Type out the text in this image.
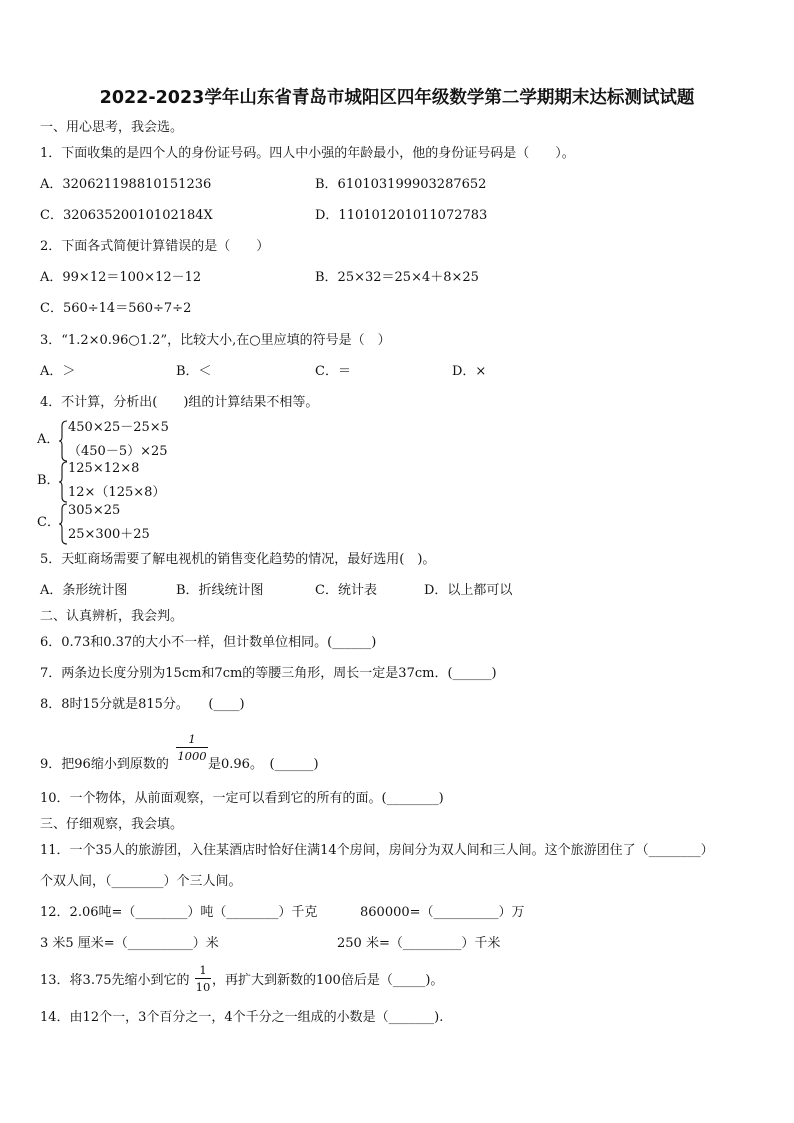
2022-2023学年山东省青岛市城阳区四年级数学第二学期期末达标测试试题
一、用心思考，我会选。
1．下面收集的是四个人的身份证号码。四人中小强的年龄最小，他的身份证号码是（　　）。
A．320621198810151236	B．610103199903287652
C．32063520010102184X	D．110101201011072783
2．下面各式简便计算错误的是（　　）
A．99×12＝100×12－12	B．25×32＝25×4＋8×25
C．560÷14＝560÷7÷2
3．“1.2×0.96○1.2”，比较大小,在○里应填的符号是（　）
A．＞	B．＜	C．＝	D．×
4．不计算，分析出(　　)组的计算结果不相等。
A．
450×25－25×5
（450－5）×25
B．
125×12×8
12×（125×8）
C．
305×25
25×300＋25
5．天虹商场需要了解电视机的销售变化趋势的情况，最好选用(　)。
A．条形统计图	B．折线统计图	C．统计表	D．以上都可以
二、认真辨析，我会判。
6．0.73和0.37的大小不一样，但计数单位相同。(______)
7．两条边长度分别为15cm和7cm的等腰三角形，周长一定是37cm．(______)
8．8时15分就是815分。　　(____)
9．把96缩小到原数的
1
1000
是0.96。　(______)
10．一个物体，从前面观察，一定可以看到它的所有的面。(________)
三、仔细观察，我会填。
11．一个35人的旅游团，入住某酒店时恰好住满14个房间，房间分为双人间和三人间。这个旅游团住了（________）
个双人间，（________）个三人间。
12．2.06吨=（________）吨（________）千克	860000=（__________）万
3 米5 厘米=（__________）米	250 米=（_________）千米
13．将3.75先缩小到它的
1
10 ，再扩大到新数的100倍后是（_____)。
14．由12个一，3个百分之一，4个千分之一组成的小数是（_______).
